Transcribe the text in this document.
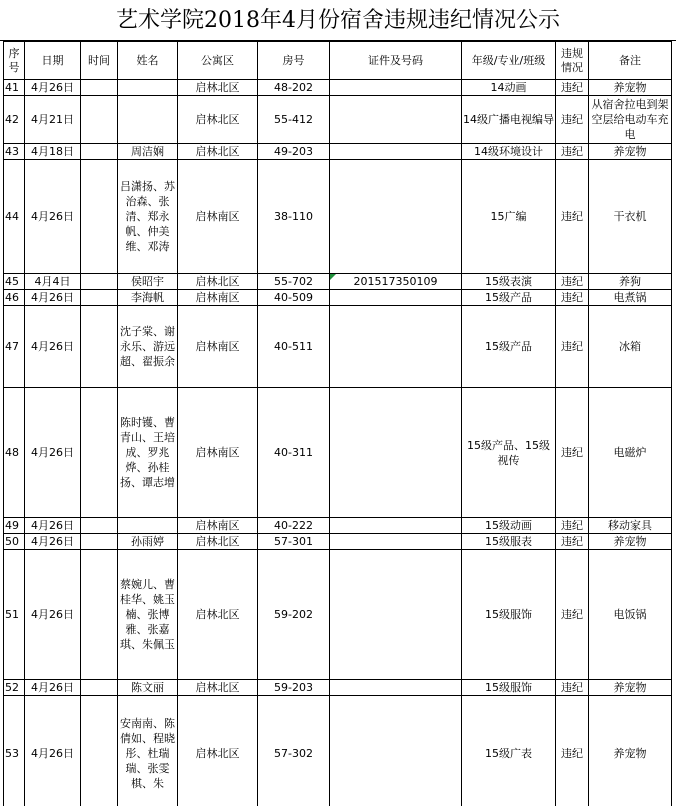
艺术学院2018年4月份宿舍违规违纪情况公示
序号	日期	时间	姓名	公寓区	房号	证件及号码	年级/专业/班级	违规情况	备注
41	4月26日			启林北区	48-202		14动画	违纪	养宠物
42	4月21日			启林北区	55-412		14级广播电视编导	违纪	从宿舍拉电到架空层给电动车充电
43	4月18日		周洁娴	启林北区	49-203		14级环境设计	违纪	养宠物
44	4月26日		吕潇扬、苏治森、张清、郑永帆、仲美维、邓涛	启林南区	38-110		15广编	违纪	干衣机
45	4月4日		侯昭宇	启林北区	55-702	201517350109	15级表演	违纪	养狗
46	4月26日		李海帆	启林南区	40-509		15级产品	违纪	电煮锅
47	4月26日		沈子棠、谢永乐、游远超、翟振余	启林南区	40-511		15级产品	违纪	冰箱
48	4月26日		陈时镬、曹青山、王培成、罗兆烨、孙桂扬、谭志增	启林南区	40-311		15级产品、15级视传	违纪	电磁炉
49	4月26日			启林南区	40-222		15级动画	违纪	移动家具
50	4月26日		孙雨婷	启林北区	57-301		15级服表	违纪	养宠物
51	4月26日		蔡婉儿、曹桂华、姚玉楠、张博雅、张嘉琪、朱佩玉	启林北区	59-202		15级服饰	违纪	电饭锅
52	4月26日		陈文丽	启林北区	59-203		15级服饰	违纪	养宠物
53	4月26日		安南南、陈倩如、程晓彤、杜瑞瑞、张雯棋、朱	启林北区	57-302		15级广表	违纪	养宠物
